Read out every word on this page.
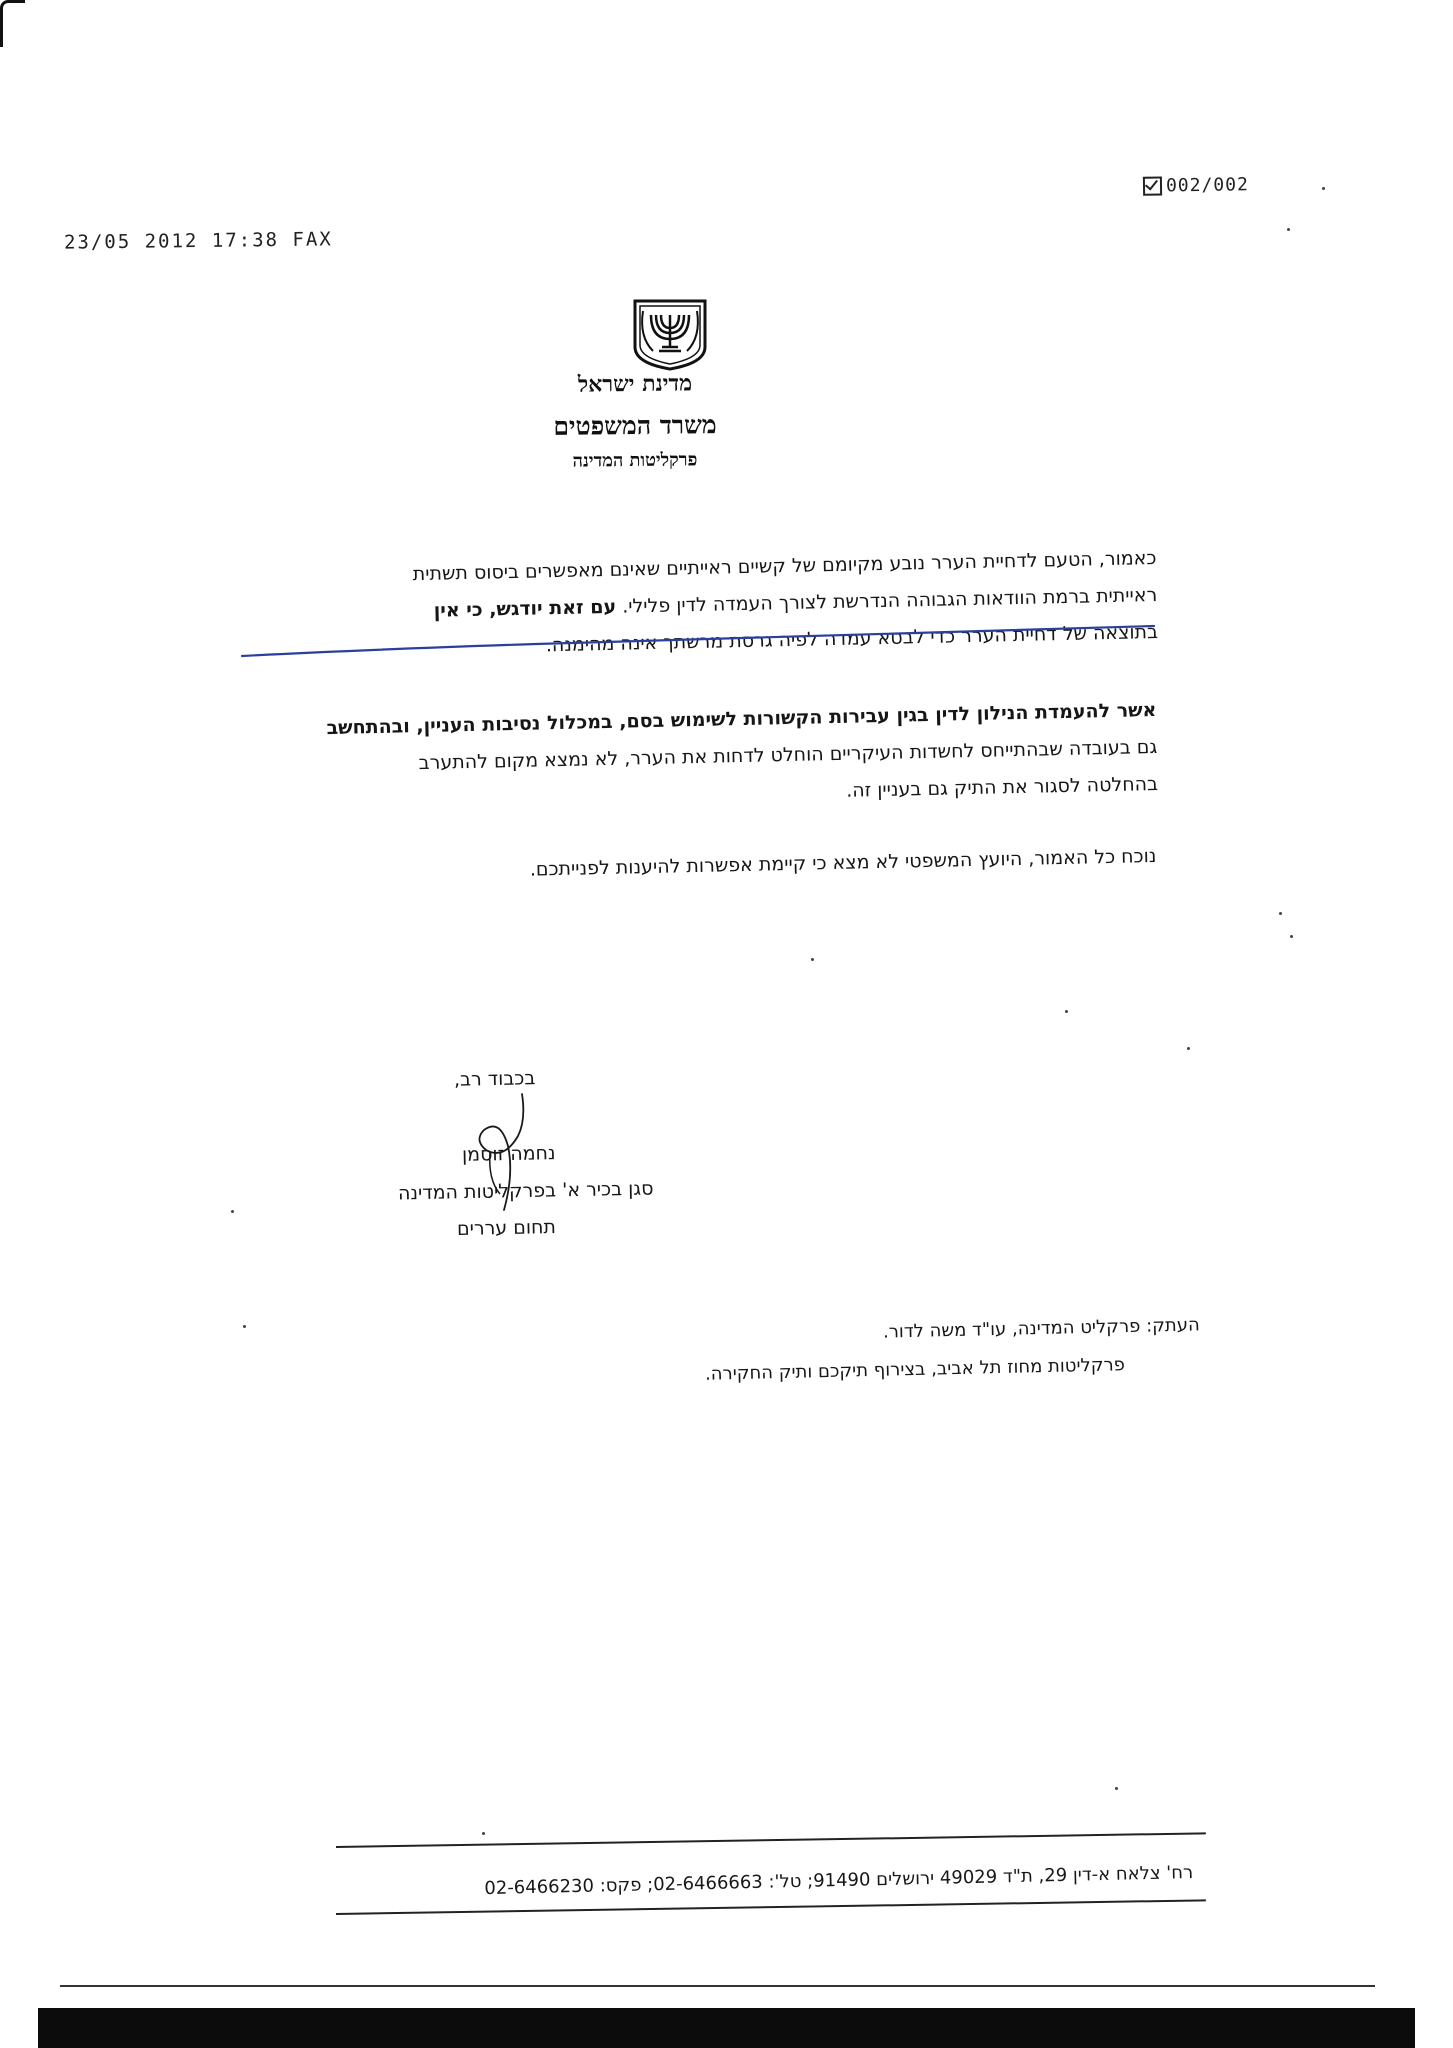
23/05 2012 17:38 FAX
002/002
מדינת ישראל
משרד המשפטים
פרקליטות המדינה
כאמור, הטעם לדחיית הערר נובע מקיומם של קשיים ראייתיים שאינם מאפשרים ביסוס תשתית
ראייתית ברמת הוודאות הגבוהה הנדרשת לצורך העמדה לדין פלילי. עם זאת יודגש, כי אין
בתוצאה של דחיית הערר כדי לבטא עמדה לפיה גרסת מרשתך אינה מהימנה.
אשר להעמדת הנילון לדין בגין עבירות הקשורות לשימוש בסם, במכלול נסיבות העניין, ובהתחשב
גם בעובדה שבהתייחס לחשדות העיקריים הוחלט לדחות את הערר, לא נמצא מקום להתערב
בהחלטה לסגור את התיק גם בעניין זה.
נוכח כל האמור, היועץ המשפטי לא מצא כי קיימת אפשרות להיענות לפנייתכם.
בכבוד רב,
נחמה זוסמן
סגן בכיר א' בפרקליטות המדינה
תחום עררים
העתק: פרקליט המדינה, עו"ד משה לדור.
פרקליטות מחוז תל אביב, בצירוף תיקכם ותיק החקירה.
רח' צלאח א-דין 29, ת"ד 49029 ירושלים 91490; טל': 02-6466663; פקס: 02-6466230
